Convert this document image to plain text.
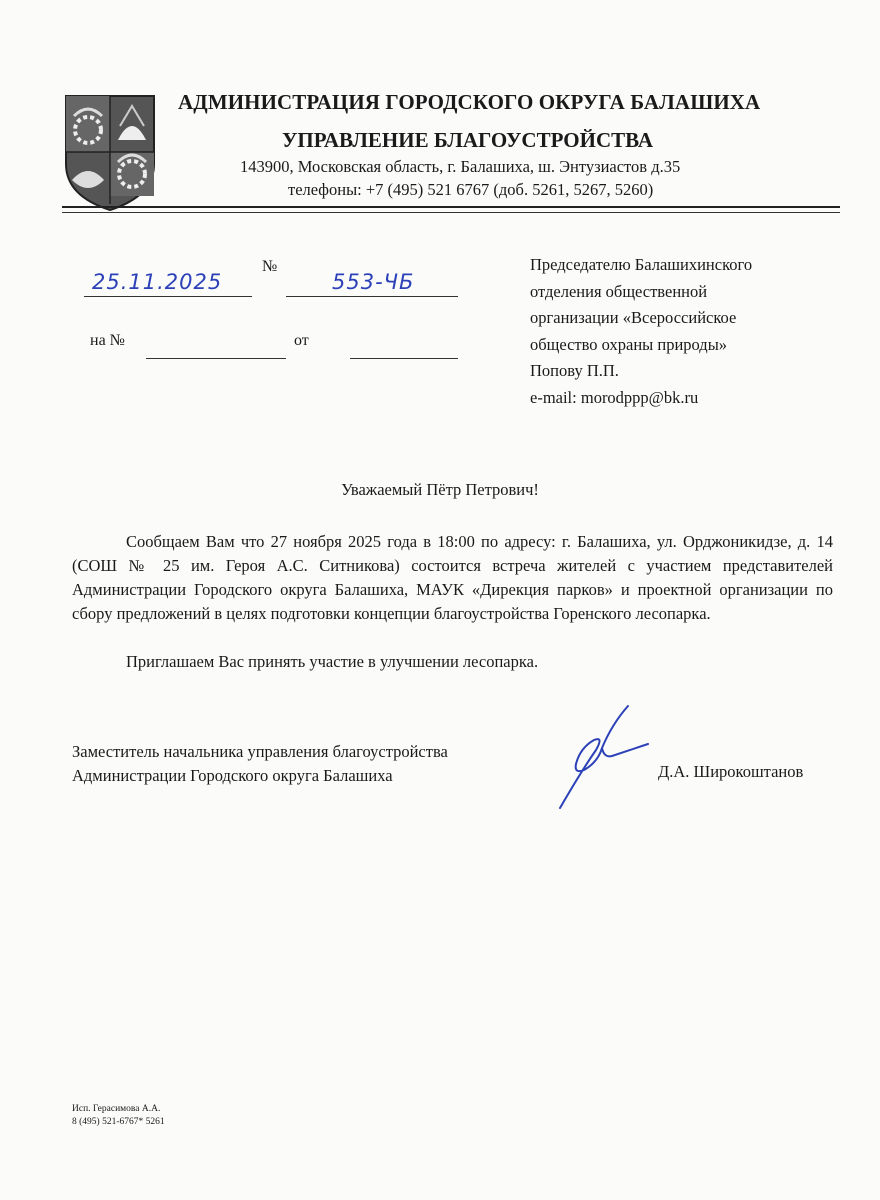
АДМИНИСТРАЦИЯ ГОРОДСКОГО ОКРУГА БАЛАШИХА
УПРАВЛЕНИЕ БЛАГОУСТРОЙСТВА
143900, Московская область, г. Балашиха, ш. Энтузиастов д.35
телефоны: +7 (495) 521 6767 (доб. 5261, 5267, 5260)
25.11.2025
№
553-ЧБ
на №	от
Председателю Балашихинского
отделения общественной
организации «Всероссийское
общество охраны природы»
Попову П.П.
e-mail: morodppp@bk.ru
Уважаемый Пётр Петрович!
Сообщаем Вам что 27 ноября 2025 года в 18:00 по адресу: г. Балашиха, ул. Орджоникидзе, д. 14 (СОШ № 25 им. Героя А.С. Ситникова) состоится встреча жителей с участием представителей Администрации Городского округа Балашиха, МАУК «Дирекция парков» и проектной организации по сбору предложений в целях подготовки концепции благоустройства Горенского лесопарка.
Приглашаем Вас принять участие в улучшении лесопарка.
Заместитель начальника управления благоустройства
Администрации Городского округа Балашиха	Д.А. Широкоштанов
Исп. Герасимова А.А.
8 (495) 521-6767* 5261
